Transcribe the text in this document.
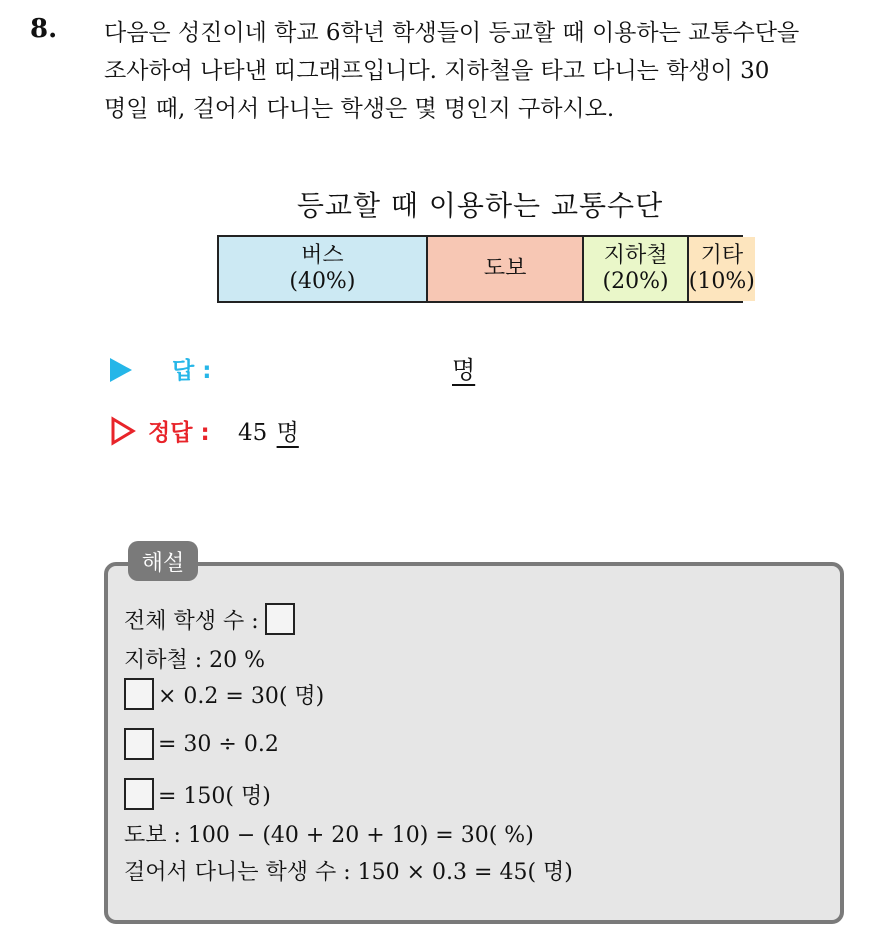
8. 다음은 성진이네 학교 6학년 학생들이 등교할 때 이용하는 교통수단을
조사하여 나타낸 띠그래프입니다. 지하철을 타고 다니는 학생이 30
명일 때, 걸어서 다니는 학생은 몇 명인지 구하시오.
등교할 때 이용하는 교통수단
버스
(40%)
도보
지하철
(20%)
기타
(10%)
답 :	명
정답 : 45 명
해설
전체 학생 수 :
지하철 : 20 %
× 0.2 = 30( 명)
= 30 ÷ 0.2
= 150( 명)
도보 : 100 − (40 + 20 + 10) = 30( %)
걸어서 다니는 학생 수 : 150 × 0.3 = 45( 명)
